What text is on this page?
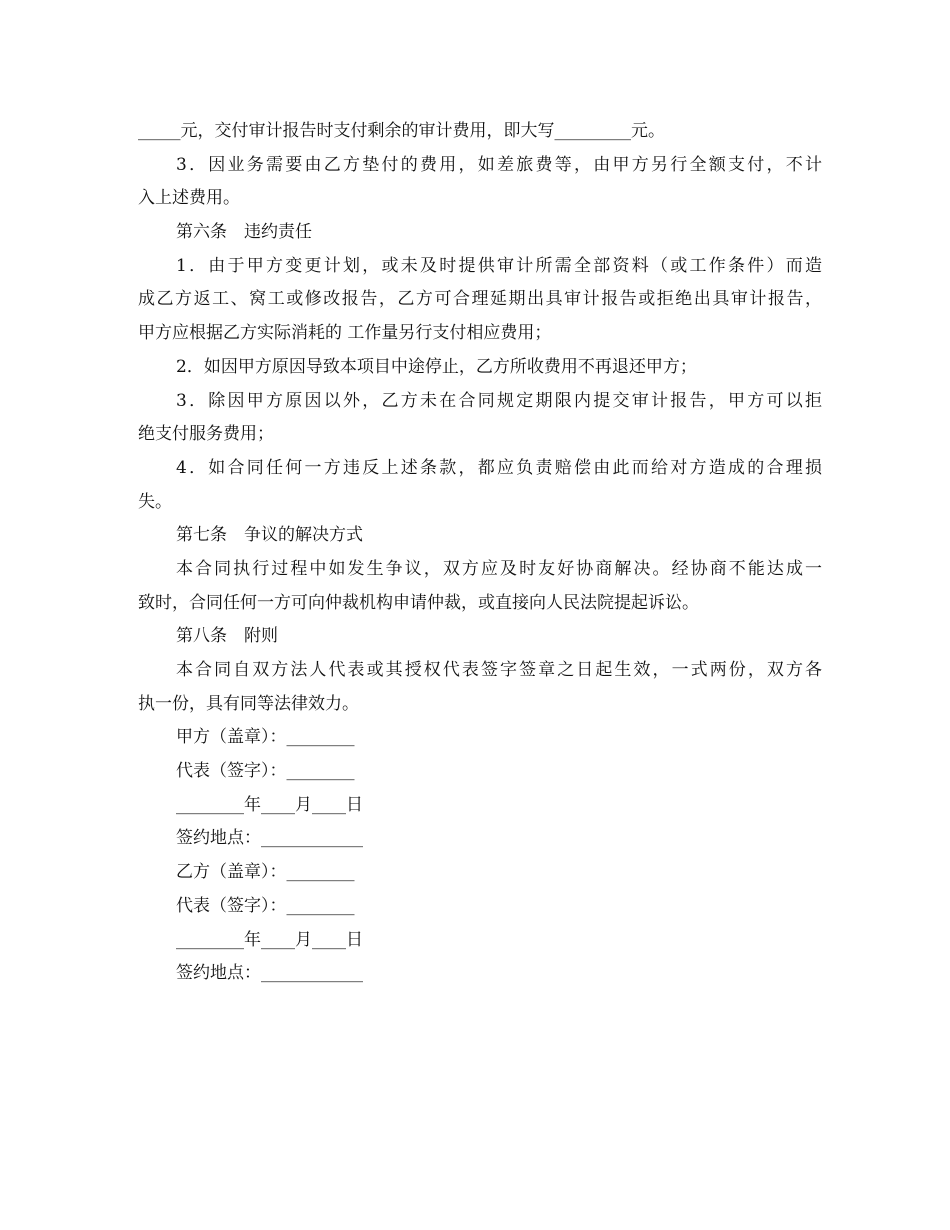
_____元，交付审计报告时支付剩余的审计费用，即大写_________元。
3．因业务需要由乙方垫付的费用，如差旅费等，由甲方另行全额支付，不计
入上述费用。
第六条　违约责任
1．由于甲方变更计划，或未及时提供审计所需全部资料（或工作条件）而造
成乙方返工、窝工或修改报告，乙方可合理延期出具审计报告或拒绝出具审计报告，
甲方应根据乙方实际消耗的 工作量另行支付相应费用；
2．如因甲方原因导致本项目中途停止，乙方所收费用不再退还甲方；
3．除因甲方原因以外，乙方未在合同规定期限内提交审计报告，甲方可以拒
绝支付服务费用；
4．如合同任何一方违反上述条款，都应负责赔偿由此而给对方造成的合理损
失。
第七条　争议的解决方式
本合同执行过程中如发生争议，双方应及时友好协商解决。经协商不能达成一
致时，合同任何一方可向仲裁机构申请仲裁，或直接向人民法院提起诉讼。
第八条　附则
本合同自双方法人代表或其授权代表签字签章之日起生效，一式两份，双方各
执一份，具有同等法律效力。
甲方（盖章）：________
代表（签字）：________
________年____月____日
签约地点：____________
乙方（盖章）：________
代表（签字）：________
________年____月____日
签约地点：____________
